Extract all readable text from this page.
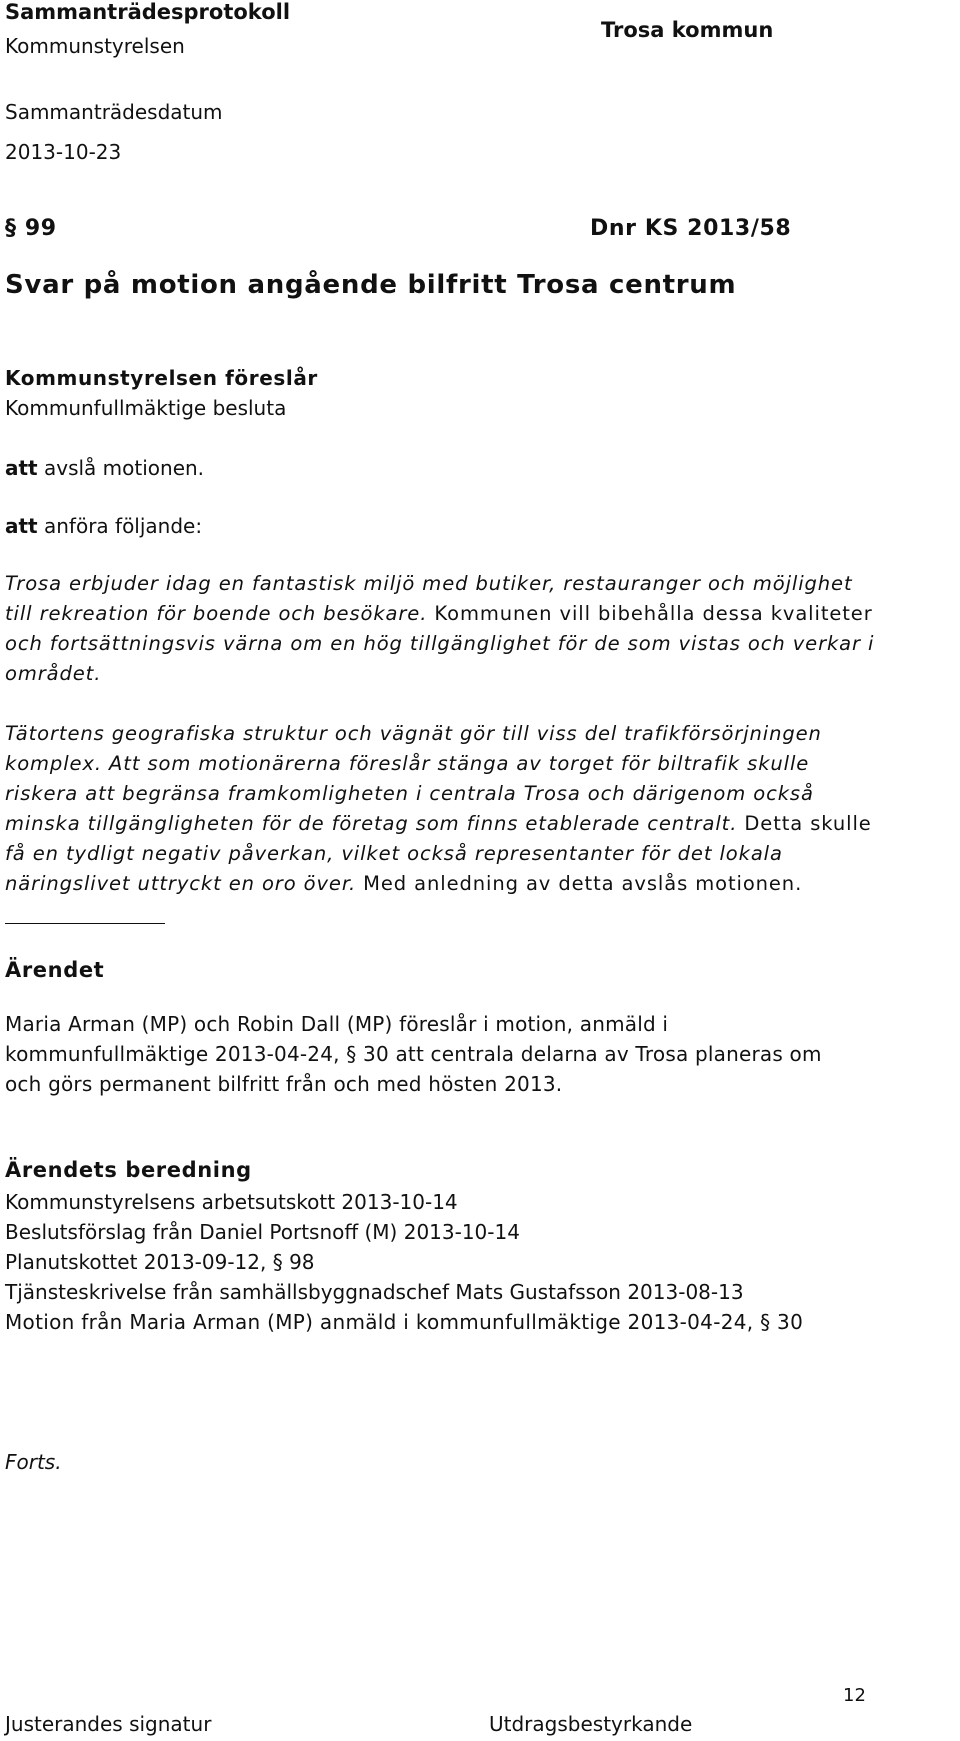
Sammanträdesprotokoll
Kommunstyrelsen
Trosa kommun
Sammanträdesdatum
2013-10-23
§ 99	Dnr KS 2013/58
Svar på motion angående bilfritt Trosa centrum
Kommunstyrelsen föreslår
Kommunfullmäktige besluta
att avslå motionen.
att anföra följande:
Trosa erbjuder idag en fantastisk miljö med butiker, restauranger och möjlighet
till rekreation för boende och besökare. Kommunen vill bibehålla dessa kvaliteter
och fortsättningsvis värna om en hög tillgänglighet för de som vistas och verkar i
området.
Tätortens geografiska struktur och vägnät gör till viss del trafikförsörjningen
komplex. Att som motionärerna föreslår stänga av torget för biltrafik skulle
riskera att begränsa framkomligheten i centrala Trosa och därigenom också
minska tillgängligheten för de företag som finns etablerade centralt. Detta skulle
få en tydligt negativ påverkan, vilket också representanter för det lokala
näringslivet uttryckt en oro över. Med anledning av detta avslås motionen.
Ärendet
Maria Arman (MP) och Robin Dall (MP) föreslår i motion, anmäld i
kommunfullmäktige 2013-04-24, § 30 att centrala delarna av Trosa planeras om
och görs permanent bilfritt från och med hösten 2013.
Ärendets beredning
Kommunstyrelsens arbetsutskott 2013-10-14
Beslutsförslag från Daniel Portsnoff (M) 2013-10-14
Planutskottet 2013-09-12, § 98
Tjänsteskrivelse från samhällsbyggnadschef Mats Gustafsson 2013-08-13
Motion från Maria Arman (MP) anmäld i kommunfullmäktige 2013-04-24, § 30
Forts.
Justerandes signatur	Utdragsbestyrkande
12
